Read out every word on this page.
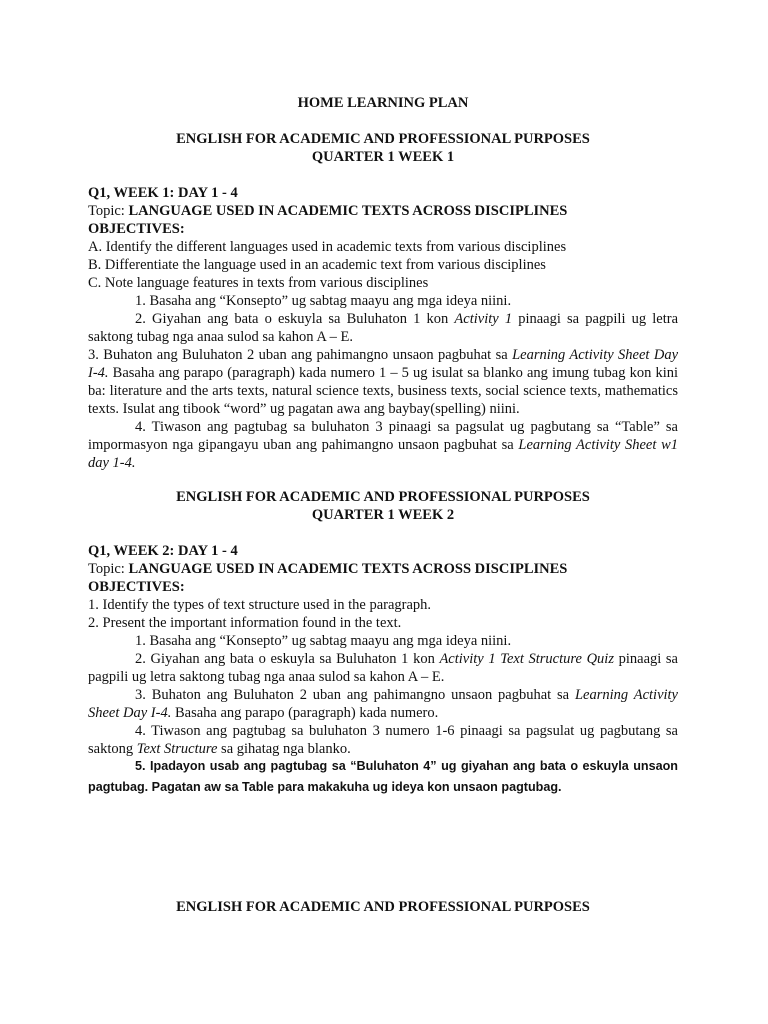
HOME LEARNING PLAN
ENGLISH FOR ACADEMIC AND PROFESSIONAL PURPOSES
QUARTER 1 WEEK 1
Q1, WEEK 1: DAY 1 - 4
Topic: LANGUAGE USED IN ACADEMIC TEXTS ACROSS DISCIPLINES
OBJECTIVES:
A. Identify the different languages used in academic texts from various disciplines
B. Differentiate the language used in an academic text from various disciplines
C. Note language features in texts from various disciplines
1. Basaha ang “Konsepto” ug sabtag maayu ang mga ideya niini.
2. Giyahan ang bata o eskuyla sa Buluhaton 1 kon Activity 1 pinaagi sa pagpili ug letra saktong tubag nga anaa sulod sa kahon A – E.
3. Buhaton ang Buluhaton 2 uban ang pahimangno unsaon pagbuhat sa Learning Activity Sheet Day I-4. Basaha ang parapo (paragraph) kada numero 1 – 5 ug isulat sa blanko ang imung tubag kon kini ba: literature and the arts texts, natural science texts, business texts, social science texts, mathematics texts. Isulat ang tibook “word” ug pagatan awa ang baybay(spelling) niini.
4. Tiwason ang pagtubag sa buluhaton 3 pinaagi sa pagsulat ug pagbutang sa “Table” sa impormasyon nga gipangayu uban ang pahimangno unsaon pagbuhat sa Learning Activity Sheet w1 day 1-4.
ENGLISH FOR ACADEMIC AND PROFESSIONAL PURPOSES
QUARTER 1 WEEK 2
Q1, WEEK 2: DAY 1 - 4
Topic: LANGUAGE USED IN ACADEMIC TEXTS ACROSS DISCIPLINES
OBJECTIVES:
1. Identify the types of text structure used in the paragraph.
2. Present the important information found in the text.
1. Basaha ang “Konsepto” ug sabtag maayu ang mga ideya niini.
2. Giyahan ang bata o eskuyla sa Buluhaton 1 kon Activity 1 Text Structure Quiz pinaagi sa pagpili ug letra saktong tubag nga anaa sulod sa kahon A – E.
3. Buhaton ang Buluhaton 2 uban ang pahimangno unsaon pagbuhat sa Learning Activity Sheet Day I-4. Basaha ang parapo (paragraph) kada numero.
4. Tiwason ang pagtubag sa buluhaton 3 numero 1-6 pinaagi sa pagsulat ug pagbutang sa saktong Text Structure sa gihatag nga blanko.
5. Ipadayon usab ang pagtubag sa “Buluhaton 4” ug giyahan ang bata o eskuyla unsaon pagtubag. Pagatan aw sa Table para makakuha ug ideya kon unsaon pagtubag.
ENGLISH FOR ACADEMIC AND PROFESSIONAL PURPOSES
